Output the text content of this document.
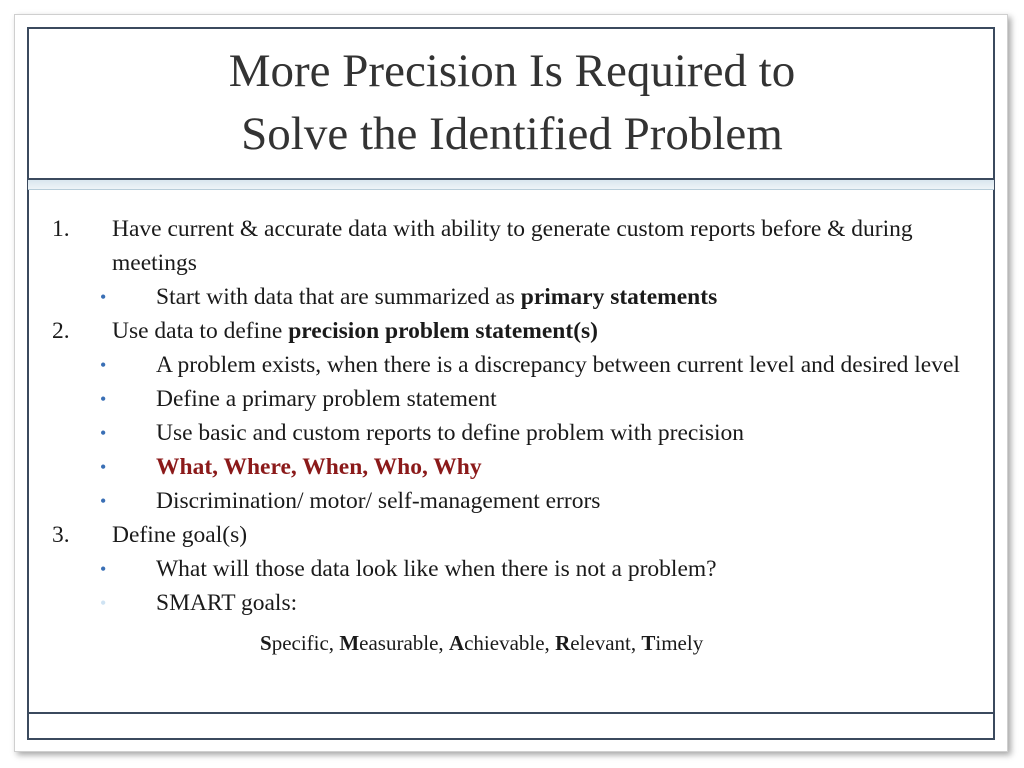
More Precision Is Required to
Solve the Identified Problem
1. Have current & accurate data with ability to generate custom reports before & during meetings
• Start with data that are summarized as primary statements
2. Use data to define precision problem statement(s)
• A problem exists, when there is a discrepancy between current level and desired level
• Define a primary problem statement
• Use basic and custom reports to define problem with precision
• What, Where, When, Who, Why
• Discrimination/ motor/ self-management errors
3. Define goal(s)
• What will those data look like when there is not a problem?
• SMART goals:
Specific, Measurable, Achievable, Relevant, Timely
